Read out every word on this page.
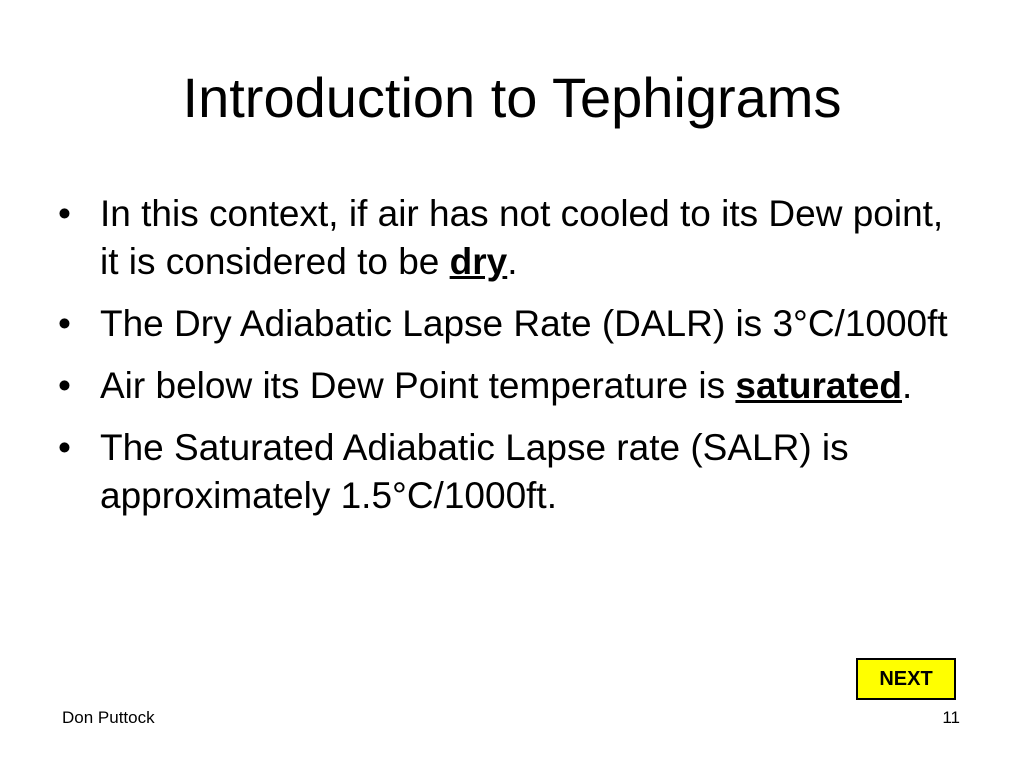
Introduction to Tephigrams
• In this context, if air has not cooled to its Dew point, it is considered to be dry.
• The Dry Adiabatic Lapse Rate (DALR) is 3°C/1000ft
• Air below its Dew Point temperature is saturated.
• The Saturated Adiabatic Lapse rate (SALR) is approximately 1.5°C/1000ft.
NEXT
Don Puttock	11
